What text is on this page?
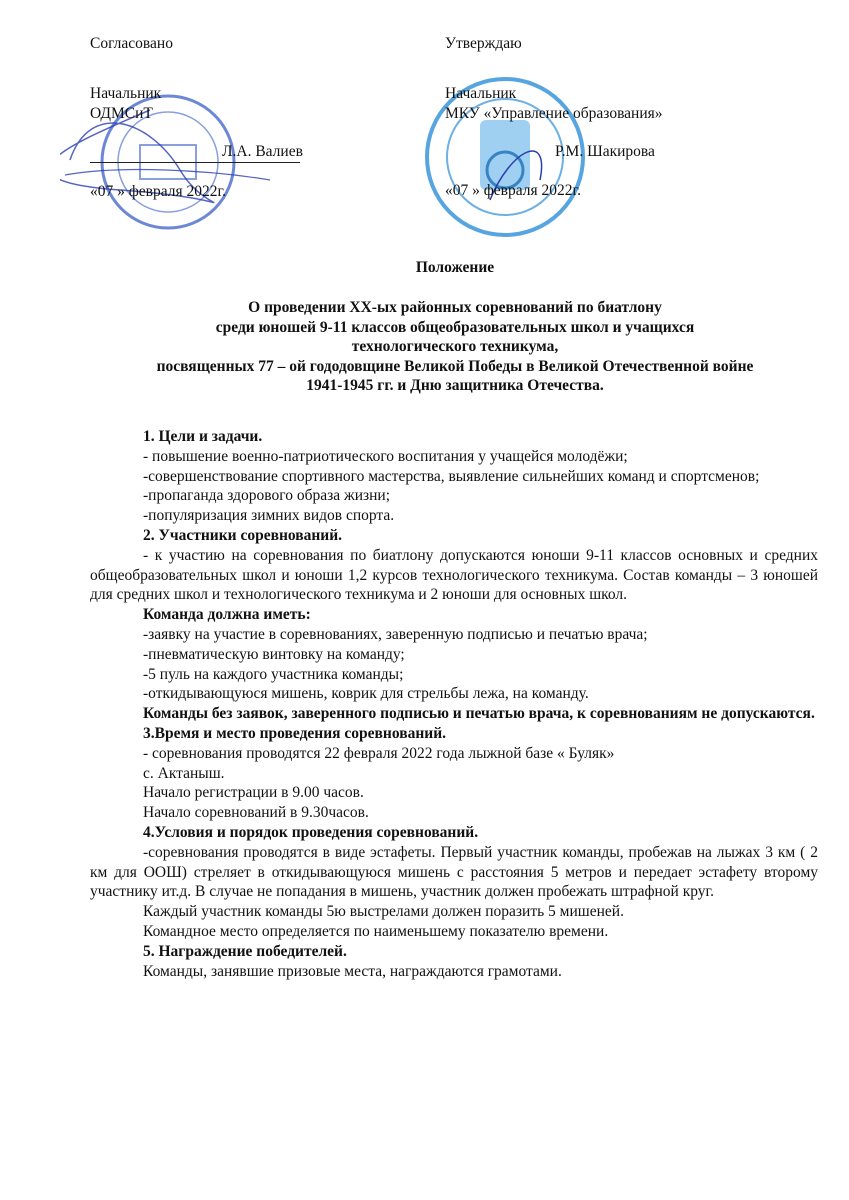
Согласовано
Начальник
ОДМСиТ
Л.А. Валиев
«07 » февраля 2022г.
Утверждаю
Начальник
МКУ «Управление образования»
Р.М. Шакирова
«07 » февраля 2022г.
Положение
О проведении XX-ых районных соревнований по биатлону
среди юношей 9-11 классов общеобразовательных школ и учащихся
технологического техникума,
посвященных 77 – ой гододовщине Великой Победы в Великой Отечественной войне
1941-1945 гг. и Дню защитника Отечества.

1. Цели и задачи.

- повышение военно-патриотического воспитания у учащейся молодёжи;

-совершенствование спортивного мастерства, выявление сильнейших команд и спортсменов;

-пропаганда здорового образа жизни;

-популяризация зимних видов спорта.

2. Участники соревнований.

- к участию на соревнования по биатлону допускаются юноши 9-11 классов основных и средних общеобразовательных школ и юноши 1,2 курсов технологического техникума. Состав команды – 3 юношей для средних школ и технологического техникума и 2 юноши для основных школ.

Команда должна иметь:

-заявку на участие в соревнованиях, заверенную подписью и печатью врача;

-пневматическую винтовку на команду;

-5 пуль на каждого участника команды;

-откидывающуюся мишень, коврик для стрельбы лежа, на команду.

Команды без заявок, заверенного подписью и печатью врача, к соревнованиям не допускаются.

3.Время и место проведения соревнований.

- соревнования проводятся 22 февраля 2022 года лыжной базе « Буляк»

с. Актаныш.

Начало регистрации в 9.00 часов.

Начало соревнований в 9.30часов.

4.Условия и порядок проведения соревнований.

-соревнования проводятся в виде эстафеты. Первый участник команды, пробежав на лыжах 3 км ( 2 км для ООШ) стреляет в откидывающуюся мишень с расстояния 5 метров и передает эстафету второму участнику ит.д. В случае не попадания в мишень, участник должен пробежать штрафной круг.

Каждый участник команды 5ю выстрелами должен поразить 5 мишеней.

Командное место определяется по наименьшему показателю времени.

5. Награждение победителей.

Команды, занявшие призовые места, награждаются грамотами.
